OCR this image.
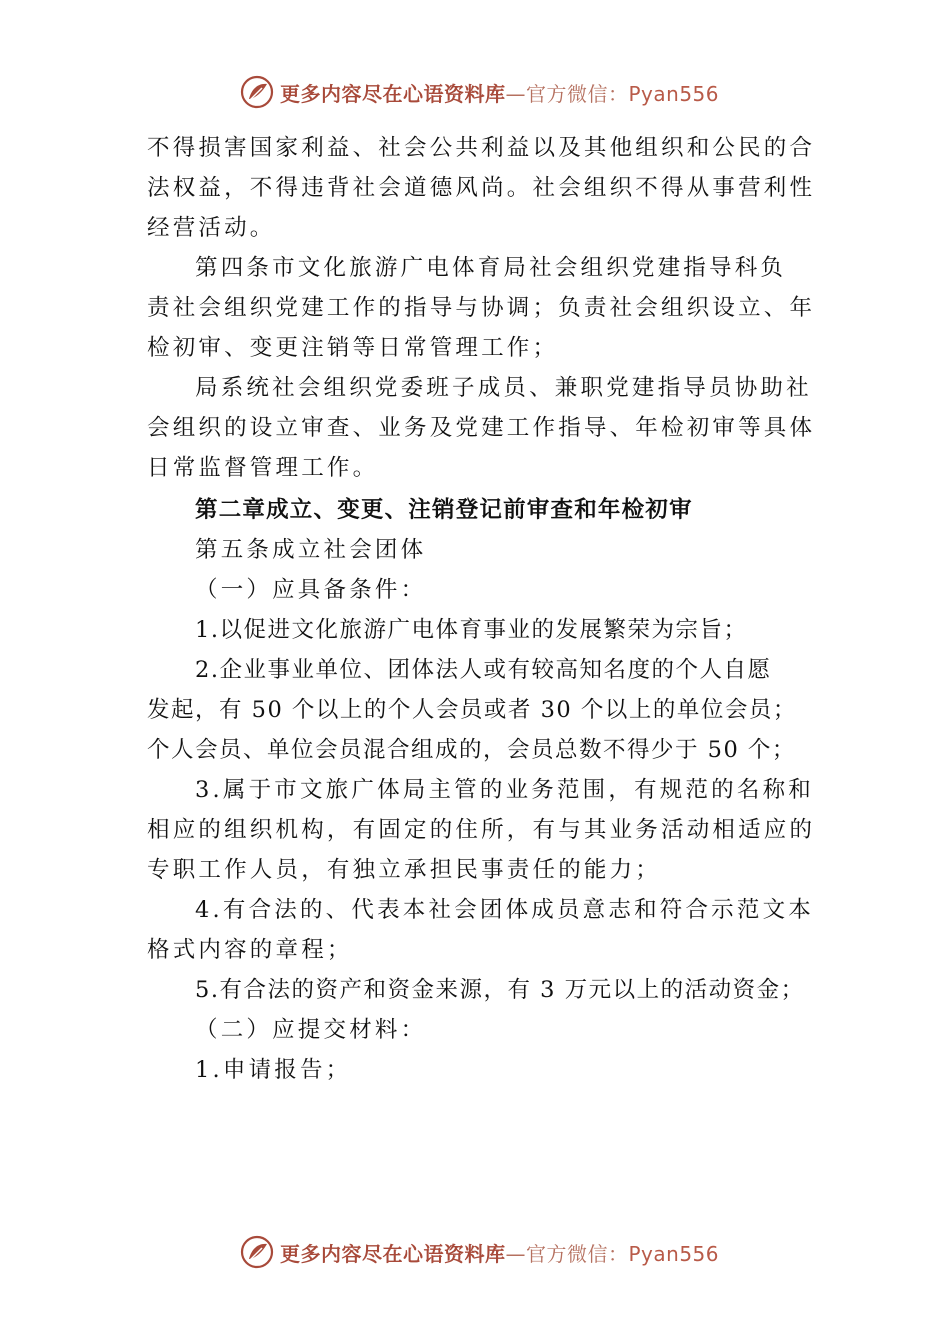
更多内容尽在心语资料库—官方微信：Pyan556

不得损害国家利益、社会公共利益以及其他组织和公民的合

法权益，不得违背社会道德风尚。社会组织不得从事营利性

经营活动。

第四条市文化旅游广电体育局社会组织党建指导科负

责社会组织党建工作的指导与协调；负责社会组织设立、年

检初审、变更注销等日常管理工作；

局系统社会组织党委班子成员、兼职党建指导员协助社

会组织的设立审查、业务及党建工作指导、年检初审等具体

日常监督管理工作。

第二章成立、变更、注销登记前审查和年检初审

第五条成立社会团体

（一）应具备条件：

1.以促进文化旅游广电体育事业的发展繁荣为宗旨；

2.企业事业单位、团体法人或有较高知名度的个人自愿

发起，有 50 个以上的个人会员或者 30 个以上的单位会员；

个人会员、单位会员混合组成的，会员总数不得少于 50 个；

3.属于市文旅广体局主管的业务范围，有规范的名称和

相应的组织机构，有固定的住所，有与其业务活动相适应的

专职工作人员，有独立承担民事责任的能力；

4.有合法的、代表本社会团体成员意志和符合示范文本

格式内容的章程；

5.有合法的资产和资金来源，有 3 万元以上的活动资金；

（二）应提交材料：

1.申请报告；

更多内容尽在心语资料库—官方微信：Pyan556
